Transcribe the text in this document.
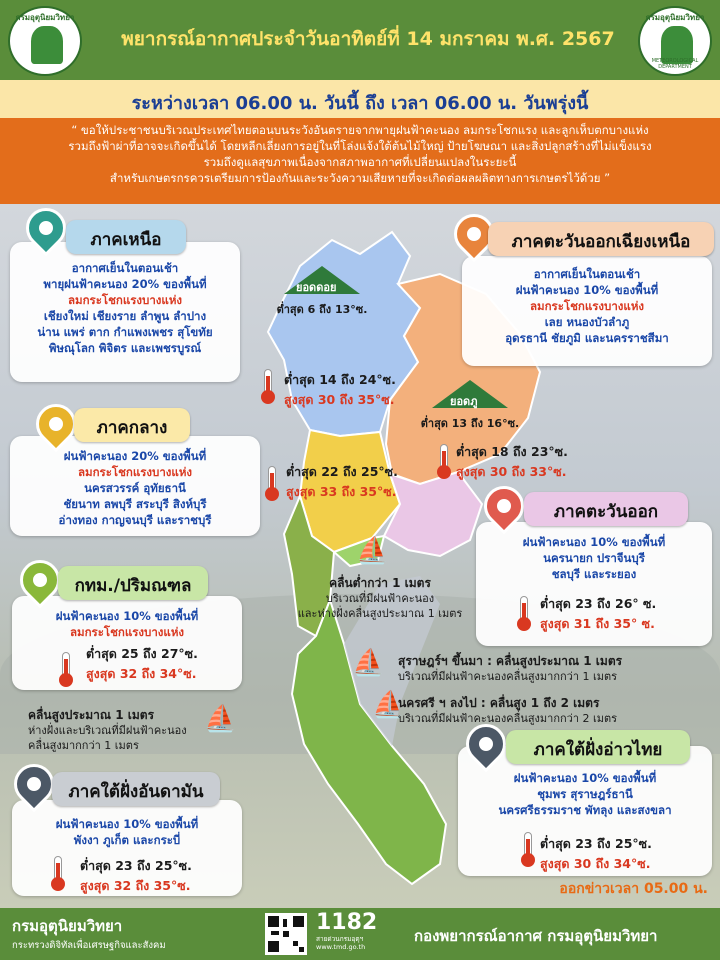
กรมอุตุนิยมวิทยา
พยากรณ์อากาศประจำวันอาทิตย์ที่ 14 มกราคม พ.ศ. 2567
กรมอุตุนิยมวิทยา
METEOROLOGICAL DEPARTMENT
ระหว่างเวลา 06.00 น. วันนี้ ถึง เวลา 06.00 น. วันพรุ่งนี้
“ ขอให้ประชาชนบริเวณประเทศไทยตอนบนระวังอันตรายจากพายุฝนฟ้าคะนอง ลมกระโชกแรง และลูกเห็บตกบางแห่ง
รวมถึงฟ้าผ่าที่อาจจะเกิดขึ้นได้ โดยหลีกเลี่ยงการอยู่ในที่โล่งแจ้งใต้ต้นไม้ใหญ่ ป้ายโฆษณา และสิ่งปลูกสร้างที่ไม่แข็งแรง
รวมถึงดูแลสุขภาพเนื่องจากสภาพอากาศที่เปลี่ยนแปลงในระยะนี้
สำหรับเกษตรกรควรเตรียมการป้องกันและระวังความเสียหายที่จะเกิดต่อผลผลิตทางการเกษตรไว้ด้วย ”
ยอดดอย
ต่ำสุด 6 ถึง 13°ซ.
ยอดภู
ต่ำสุด 13 ถึง 16°ซ.
ต่ำสุด 14 ถึง 24°ซ.
สูงสุด 30 ถึง 35°ซ.
ต่ำสุด 18 ถึง 23°ซ.
สูงสุด 30 ถึง 33°ซ.
ต่ำสุด 22 ถึง 25°ซ.
สูงสุด 33 ถึง 35°ซ.
อากาศเย็นในตอนเช้า
พายุฝนฟ้าคะนอง 20% ของพื้นที่
ลมกระโชกแรงบางแห่ง
เชียงใหม่ เชียงราย ลำพูน ลำปาง
น่าน แพร่ ตาก กำแพงเพชร สุโขทัย
พิษณุโลก พิจิตร และเพชรบูรณ์
ภาคเหนือ
อากาศเย็นในตอนเช้า
ฝนฟ้าคะนอง 10% ของพื้นที่
ลมกระโชกแรงบางแห่ง
เลย หนองบัวลำภู
อุดรธานี ชัยภูมิ และนครราชสีมา
ภาคตะวันออกเฉียงเหนือ
ฝนฟ้าคะนอง 20% ของพื้นที่
ลมกระโชกแรงบางแห่ง
นครสวรรค์ อุทัยธานี
ชัยนาท ลพบุรี สระบุรี สิงห์บุรี
อ่างทอง กาญจนบุรี และราชบุรี
ภาคกลาง
ฝนฟ้าคะนอง 10% ของพื้นที่
นครนายก ปราจีนบุรี
ชลบุรี และระยอง
ต่ำสุด 23 ถึง 26° ซ.
สูงสุด 31 ถึง 35° ซ.
ภาคตะวันออก
ฝนฟ้าคะนอง 10% ของพื้นที่
ลมกระโชกแรงบางแห่ง
ต่ำสุด 25 ถึง 27°ซ.
สูงสุด 32 ถึง 34°ซ.
กทม./ปริมณฑล
⛵
คลื่นต่ำกว่า 1 เมตร
บริเวณที่มีฝนฟ้าคะนอง
และห่างฝั่งคลื่นสูงประมาณ 1 เมตร
⛵ สุราษฎร์ฯ ขึ้นมา : คลื่นสูงประมาณ 1 เมตร
บริเวณที่มีฝนฟ้าคะนองคลื่นสูงมากกว่า 1 เมตร
⛵
นครศรี ฯ ลงไป : คลื่นสูง 1 ถึง 2 เมตร
บริเวณที่มีฝนฟ้าคะนองคลื่นสูงมากกว่า 2 เมตร
คลื่นสูงประมาณ 1 เมตร
ห่างฝั่งและบริเวณที่มีฝนฟ้าคะนอง
คลื่นสูงมากกว่า 1 เมตร
⛵
ฝนฟ้าคะนอง 10% ของพื้นที่
ชุมพร สุราษฎร์ธานี
นครศรีธรรมราช พัทลุง และสงขลา
ต่ำสุด 23 ถึง 25°ซ.
สูงสุด 30 ถึง 34°ซ.
ภาคใต้ฝั่งอ่าวไทย
ฝนฟ้าคะนอง 10% ของพื้นที่
พังงา ภูเก็ต และกระบี่
ต่ำสุด 23 ถึง 25°ซ.
สูงสุด 32 ถึง 35°ซ.
ภาคใต้ฝั่งอันดามัน
ออกข่าวเวลา 05.00 น.
กรมอุตุนิยมวิทยา
กระทรวงดิจิทัลเพื่อเศรษฐกิจและสังคม
1182
สายด่วนกรมอุตุฯ
www.tmd.go.th
กองพยากรณ์อากาศ กรมอุตุนิยมวิทยา
